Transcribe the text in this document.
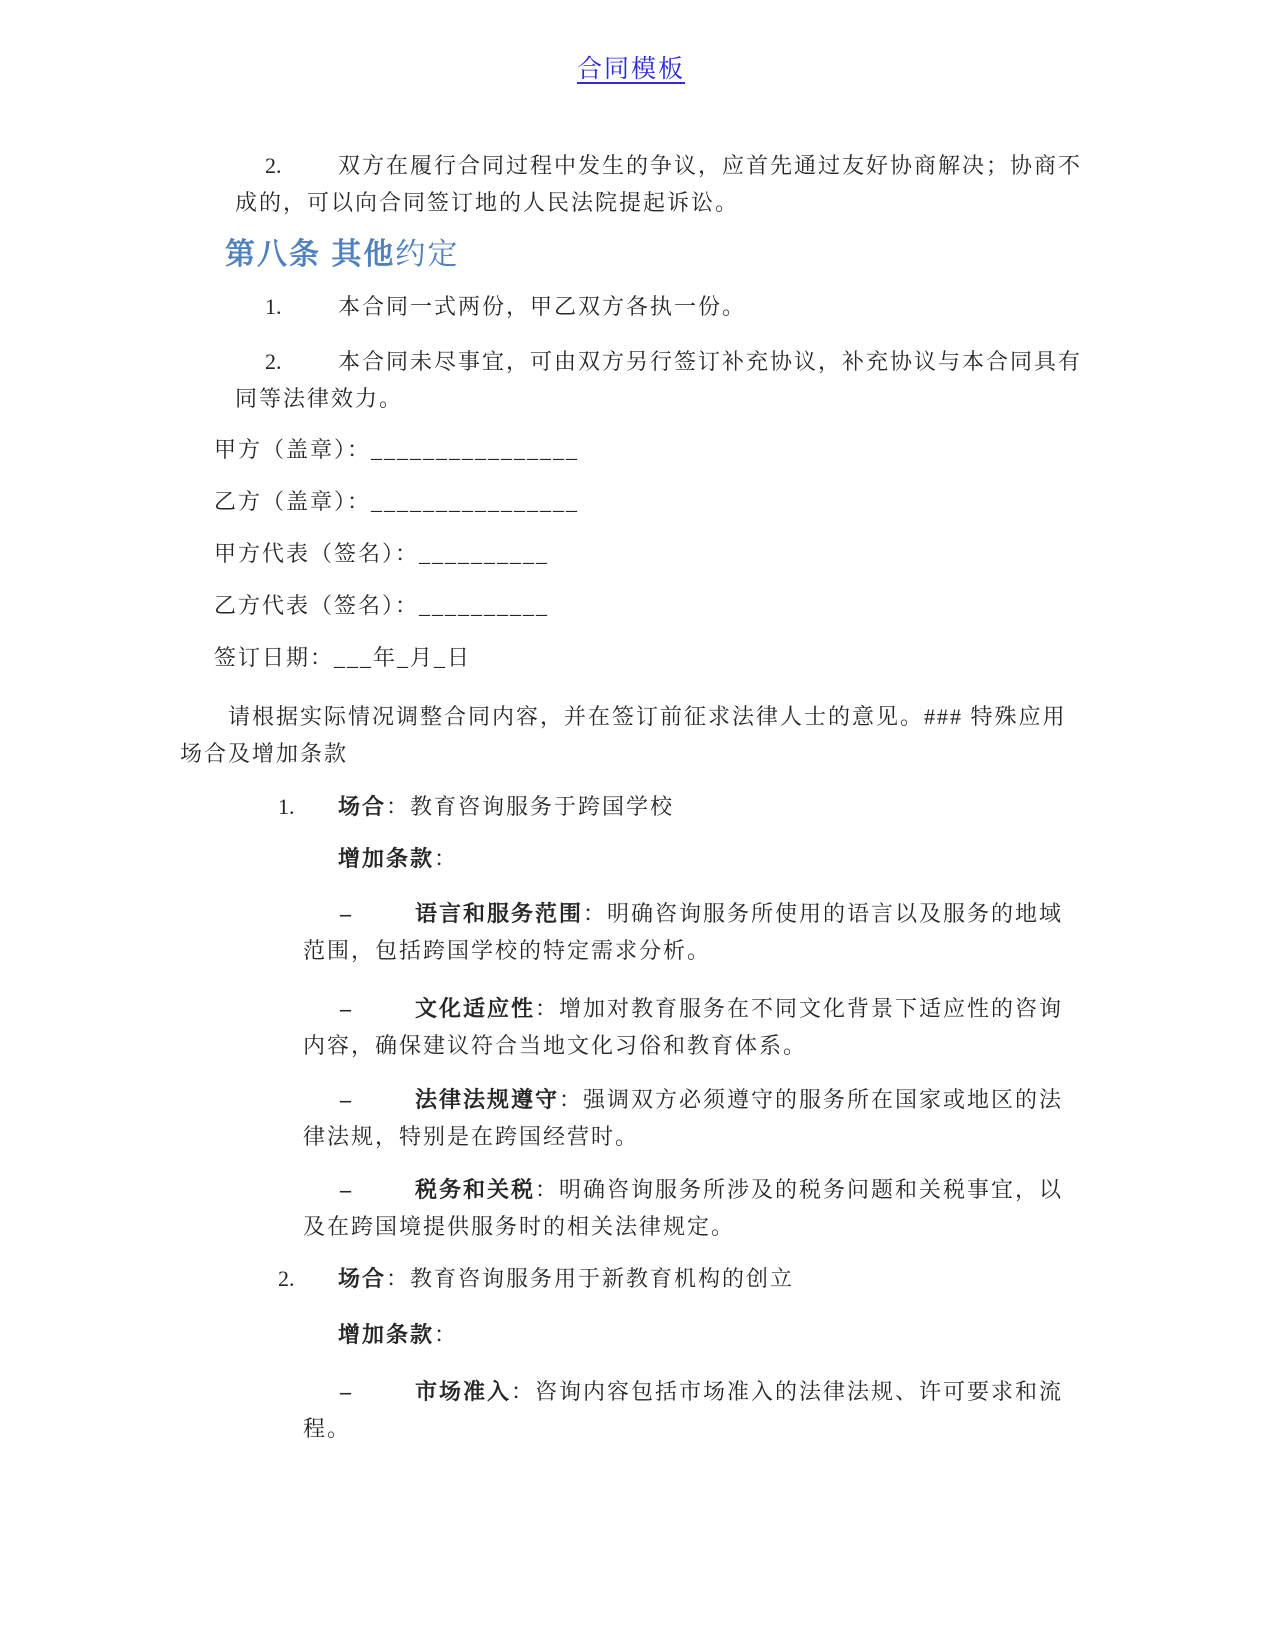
合同模板

2.	双方在履行合同过程中发生的争议，应首先通过友好协商解决；协商不成的，可以向合同签订地的人民法院提起诉讼。

第八条 其他约定

1.	本合同一式两份，甲乙双方各执一份。

2.	本合同未尽事宜，可由双方另行签订补充协议，补充协议与本合同具有同等法律效力。

甲方（盖章）：________________

乙方（盖章）：________________

甲方代表（签名）：__________

乙方代表（签名）：__________

签订日期：___年_月_日

请根据实际情况调整合同内容，并在签订前征求法律人士的意见。### 特殊应用场合及增加条款

1. 场合：教育咨询服务于跨国学校

增加条款：

–	语言和服务范围：明确咨询服务所使用的语言以及服务的地域范围，包括跨国学校的特定需求分析。

–	文化适应性：增加对教育服务在不同文化背景下适应性的咨询内容，确保建议符合当地文化习俗和教育体系。

–	法律法规遵守：强调双方必须遵守的服务所在国家或地区的法律法规，特别是在跨国经营时。

–	税务和关税：明确咨询服务所涉及的税务问题和关税事宜，以及在跨国境提供服务时的相关法律规定。

2. 场合：教育咨询服务用于新教育机构的创立

增加条款：

–	市场准入：咨询内容包括市场准入的法律法规、许可要求和流程。
